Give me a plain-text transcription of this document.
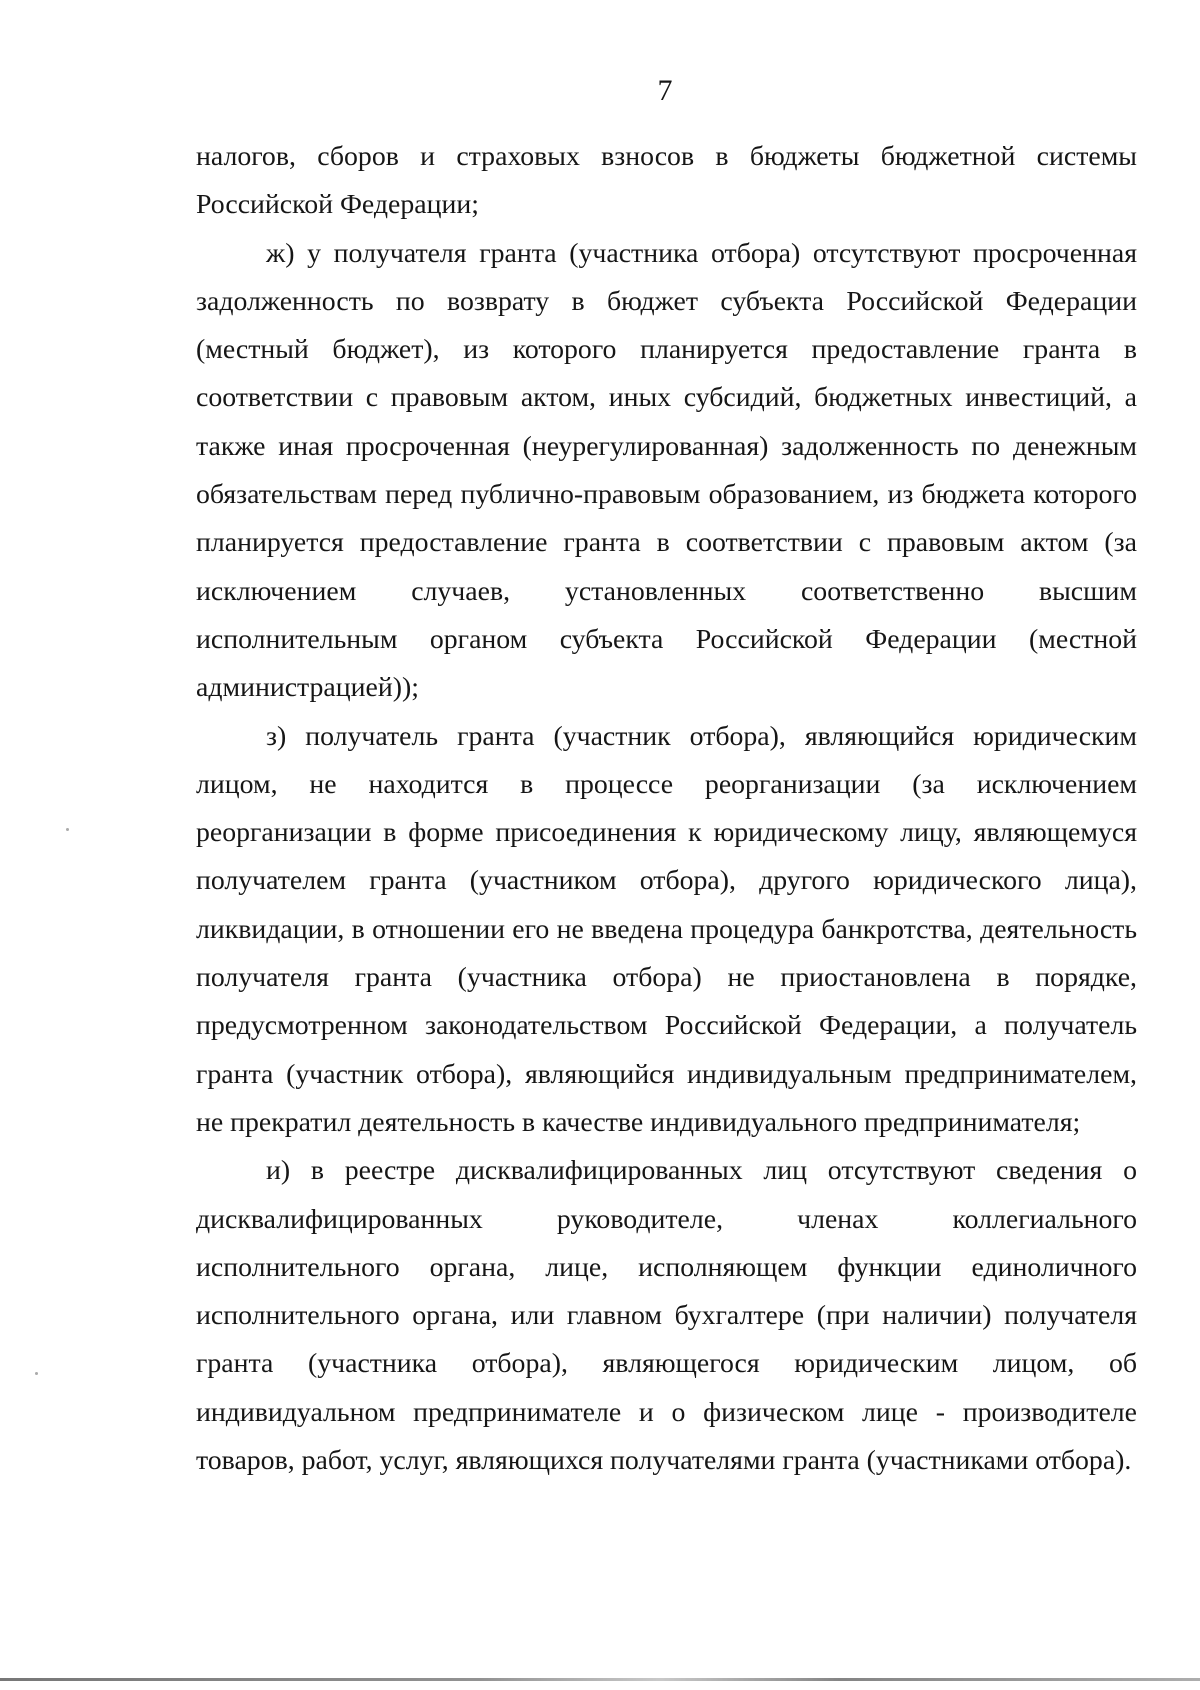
7

налогов, сборов и страховых взносов в бюджеты бюджетной системы Российской Федерации;

ж) у получателя гранта (участника отбора) отсутствуют просроченная задолженность по возврату в бюджет субъекта Российской Федерации (местный бюджет), из которого планируется предоставление гранта в соответствии с правовым актом, иных субсидий, бюджетных инвестиций, а также иная просроченная (неурегулированная) задолженность по денежным обязательствам перед публично-правовым образованием, из бюджета которого планируется предоставление гранта в соответствии с правовым актом (за исключением случаев, установленных соответственно высшим исполнительным органом субъекта Российской Федерации (местной администрацией));

з) получатель гранта (участник отбора), являющийся юридическим лицом, не находится в процессе реорганизации (за исключением реорганизации в форме присоединения к юридическому лицу, являющемуся получателем гранта (участником отбора), другого юридического лица), ликвидации, в отношении его не введена процедура банкротства, деятельность получателя гранта (участника отбора) не приостановлена в порядке, предусмотренном законодательством Российской Федерации, а получатель гранта (участник отбора), являющийся индивидуальным предпринимателем, не прекратил деятельность в качестве индивидуального предпринимателя;

и) в реестре дисквалифицированных лиц отсутствуют сведения о дисквалифицированных руководителе, членах коллегиального исполнительного органа, лице, исполняющем функции единоличного исполнительного органа, или главном бухгалтере (при наличии) получателя гранта (участника отбора), являющегося юридическим лицом, об индивидуальном предпринимателе и о физическом лице - производителе товаров, работ, услуг, являющихся получателями гранта (участниками отбора).
